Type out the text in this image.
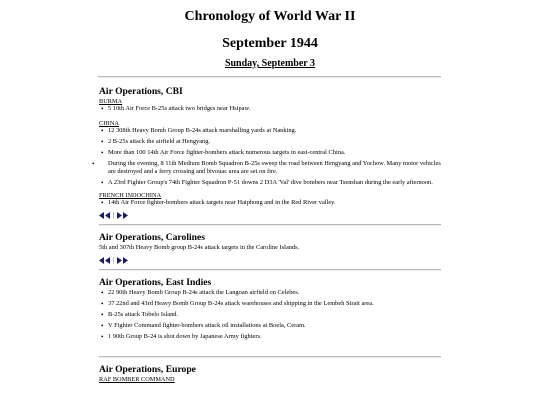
Chronology of World War II
September 1944
Sunday, September 3
Air Operations, CBI
BURMA
• 5 10th Air Force B-25s attack two bridges near Hsipaw.
CHINA
• 12 308th Heavy Bomb Group B-24s attack marshalling yards at Nanking.
• 2 B-25s attack the airfield at Hengyang.
• More than 100 14th Air Force fighter-bombers attack numerous targets in east-central China.
• During the evening, 8 11th Medium Bomb Squadron B-25s sweep the road between Hengyang and Yochow. Many motor vehicles are destroyed and a ferry crossing and bivouac area are set on fire.
• A 23rd Fighter Group's 74th Fighter Squadron P-51 downs 2 D3A 'Val' dive bombers near Tsenshan during the early afternoon.
FRENCH INDOCHINA
• 14th Air Force fighter-bombers attack targets near Haiphong and in the Red River valley.
|
Air Operations, Carolines
5th and 307th Heavy Bomb group B-24s attack targets in the Caroline Islands.
|
Air Operations, East Indies
• 22 90th Heavy Bomb Group B-24s attack the Langoan airfield on Celebes.
• 37 22nd and 43rd Heavy Bomb Group B-24s attack warehouses and shipping in the Lembeh Strait area.
• B-25s attack Tobelo Island.
• V Fighter Command fighter-bombers attack oil installations at Boela, Ceram.
• 1 90th Group B-24 is shot down by Japanese Army fighters.
Air Operations, Europe
RAF BOMBER COMMAND
